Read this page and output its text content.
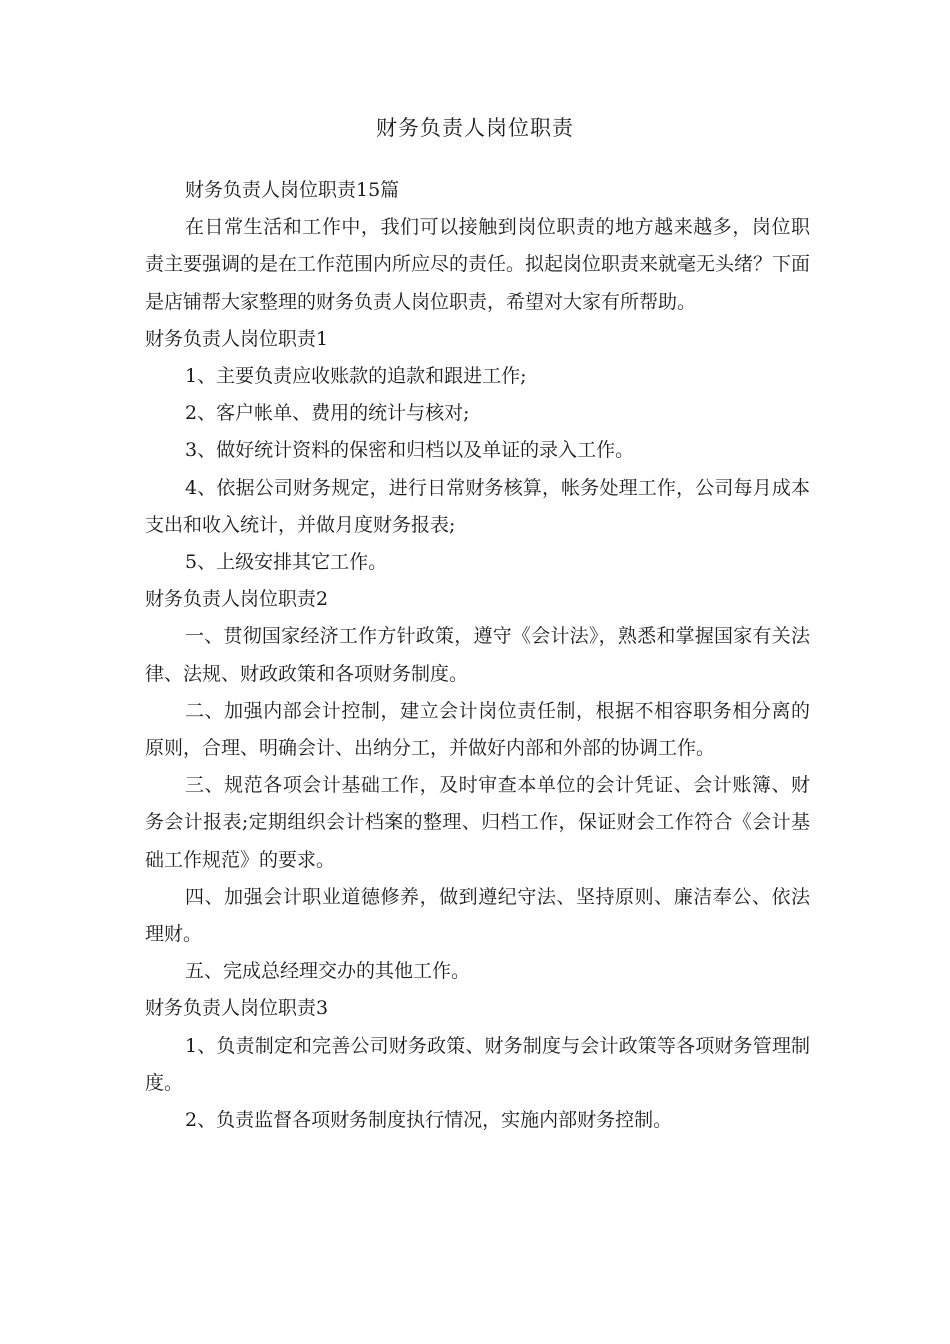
财务负责人岗位职责

财务负责人岗位职责15篇

在日常生活和工作中，我们可以接触到岗位职责的地方越来越多，岗位职责主要强调的是在工作范围内所应尽的责任。拟起岗位职责来就毫无头绪？下面是店铺帮大家整理的财务负责人岗位职责，希望对大家有所帮助。

财务负责人岗位职责1

1、主要负责应收账款的追款和跟进工作;

2、客户帐单、费用的统计与核对;

3、做好统计资料的保密和归档以及单证的录入工作。

4、依据公司财务规定，进行日常财务核算，帐务处理工作，公司每月成本支出和收入统计，并做月度财务报表;

5、上级安排其它工作。

财务负责人岗位职责2

一、贯彻国家经济工作方针政策，遵守《会计法》，熟悉和掌握国家有关法律、法规、财政政策和各项财务制度。

二、加强内部会计控制，建立会计岗位责任制，根据不相容职务相分离的原则，合理、明确会计、出纳分工，并做好内部和外部的协调工作。

三、规范各项会计基础工作，及时审查本单位的会计凭证、会计账簿、财务会计报表;定期组织会计档案的整理、归档工作，保证财会工作符合《会计基础工作规范》的要求。

四、加强会计职业道德修养，做到遵纪守法、坚持原则、廉洁奉公、依法理财。

五、完成总经理交办的其他工作。

财务负责人岗位职责3

1、负责制定和完善公司财务政策、财务制度与会计政策等各项财务管理制度。

2、负责监督各项财务制度执行情况，实施内部财务控制。
